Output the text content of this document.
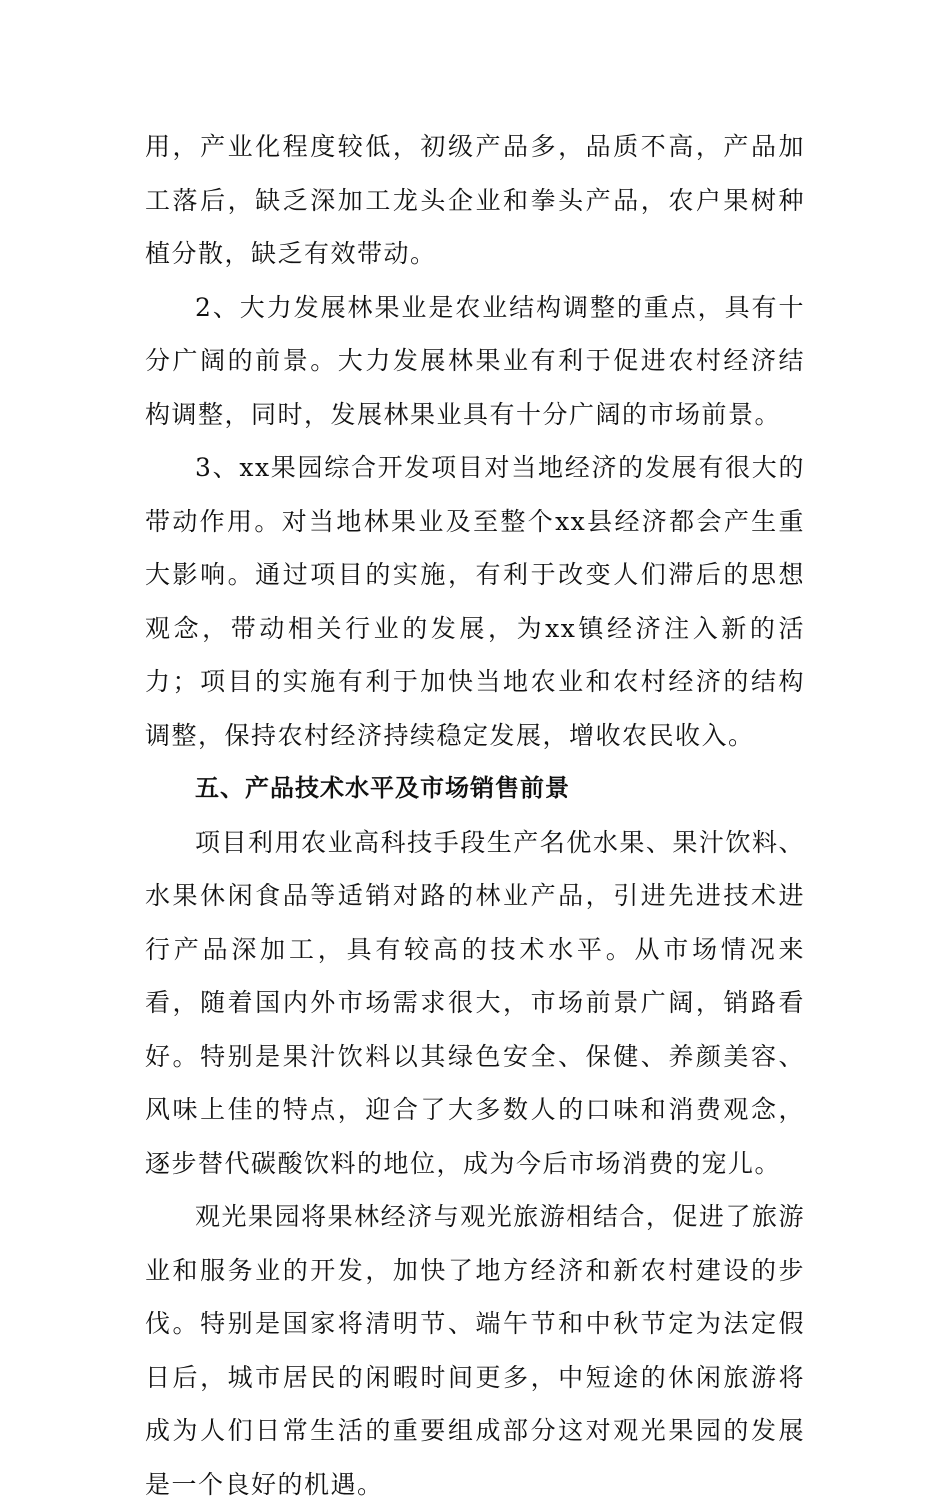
用，产业化程度较低，初级产品多，品质不高，产品加工落后，缺乏深加工龙头企业和拳头产品，农户果树种植分散，缺乏有效带动。

2、大力发展林果业是农业结构调整的重点，具有十分广阔的前景。大力发展林果业有利于促进农村经济结构调整，同时，发展林果业具有十分广阔的市场前景。

3、xx果园综合开发项目对当地经济的发展有很大的带动作用。对当地林果业及至整个xx县经济都会产生重大影响。通过项目的实施，有利于改变人们滞后的思想观念，带动相关行业的发展，为xx镇经济注入新的活力；项目的实施有利于加快当地农业和农村经济的结构调整，保持农村经济持续稳定发展，增收农民收入。

五、产品技术水平及市场销售前景

项目利用农业高科技手段生产名优水果、果汁饮料、水果休闲食品等适销对路的林业产品，引进先进技术进行产品深加工，具有较高的技术水平。从市场情况来看，随着国内外市场需求很大，市场前景广阔，销路看好。特别是果汁饮料以其绿色安全、保健、养颜美容、风味上佳的特点，迎合了大多数人的口味和消费观念，逐步替代碳酸饮料的地位，成为今后市场消费的宠儿。

观光果园将果林经济与观光旅游相结合，促进了旅游业和服务业的开发，加快了地方经济和新农村建设的步伐。特别是国家将清明节、端午节和中秋节定为法定假日后，城市居民的闲暇时间更多，中短途的休闲旅游将成为人们日常生活的重要组成部分这对观光果园的发展是一个良好的机遇。
